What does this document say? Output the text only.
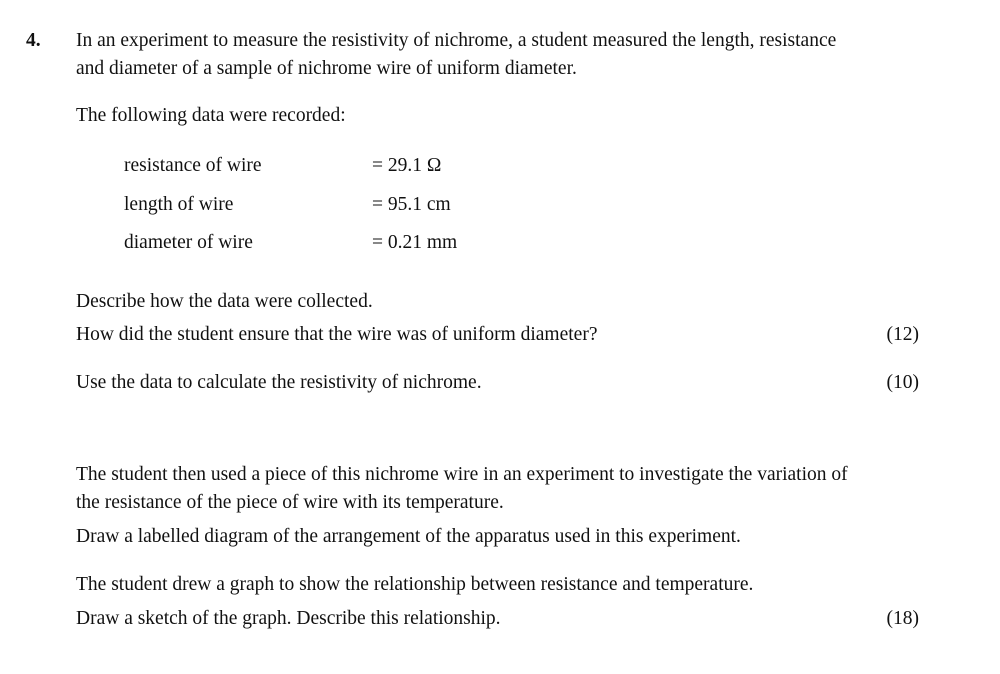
4. In an experiment to measure the resistivity of nichrome, a student measured the length, resistance
and diameter of a sample of nichrome wire of uniform diameter.
The following data were recorded:
resistance of wire	= 29.1 Ω
length of wire	= 95.1 cm
diameter of wire	= 0.21 mm
Describe how the data were collected.
How did the student ensure that the wire was of uniform diameter?	(12)
Use the data to calculate the resistivity of nichrome.	(10)
The student then used a piece of this nichrome wire in an experiment to investigate the variation of
the resistance of the piece of wire with its temperature.
Draw a labelled diagram of the arrangement of the apparatus used in this experiment.
The student drew a graph to show the relationship between resistance and temperature.
Draw a sketch of the graph. Describe this relationship.	(18)
